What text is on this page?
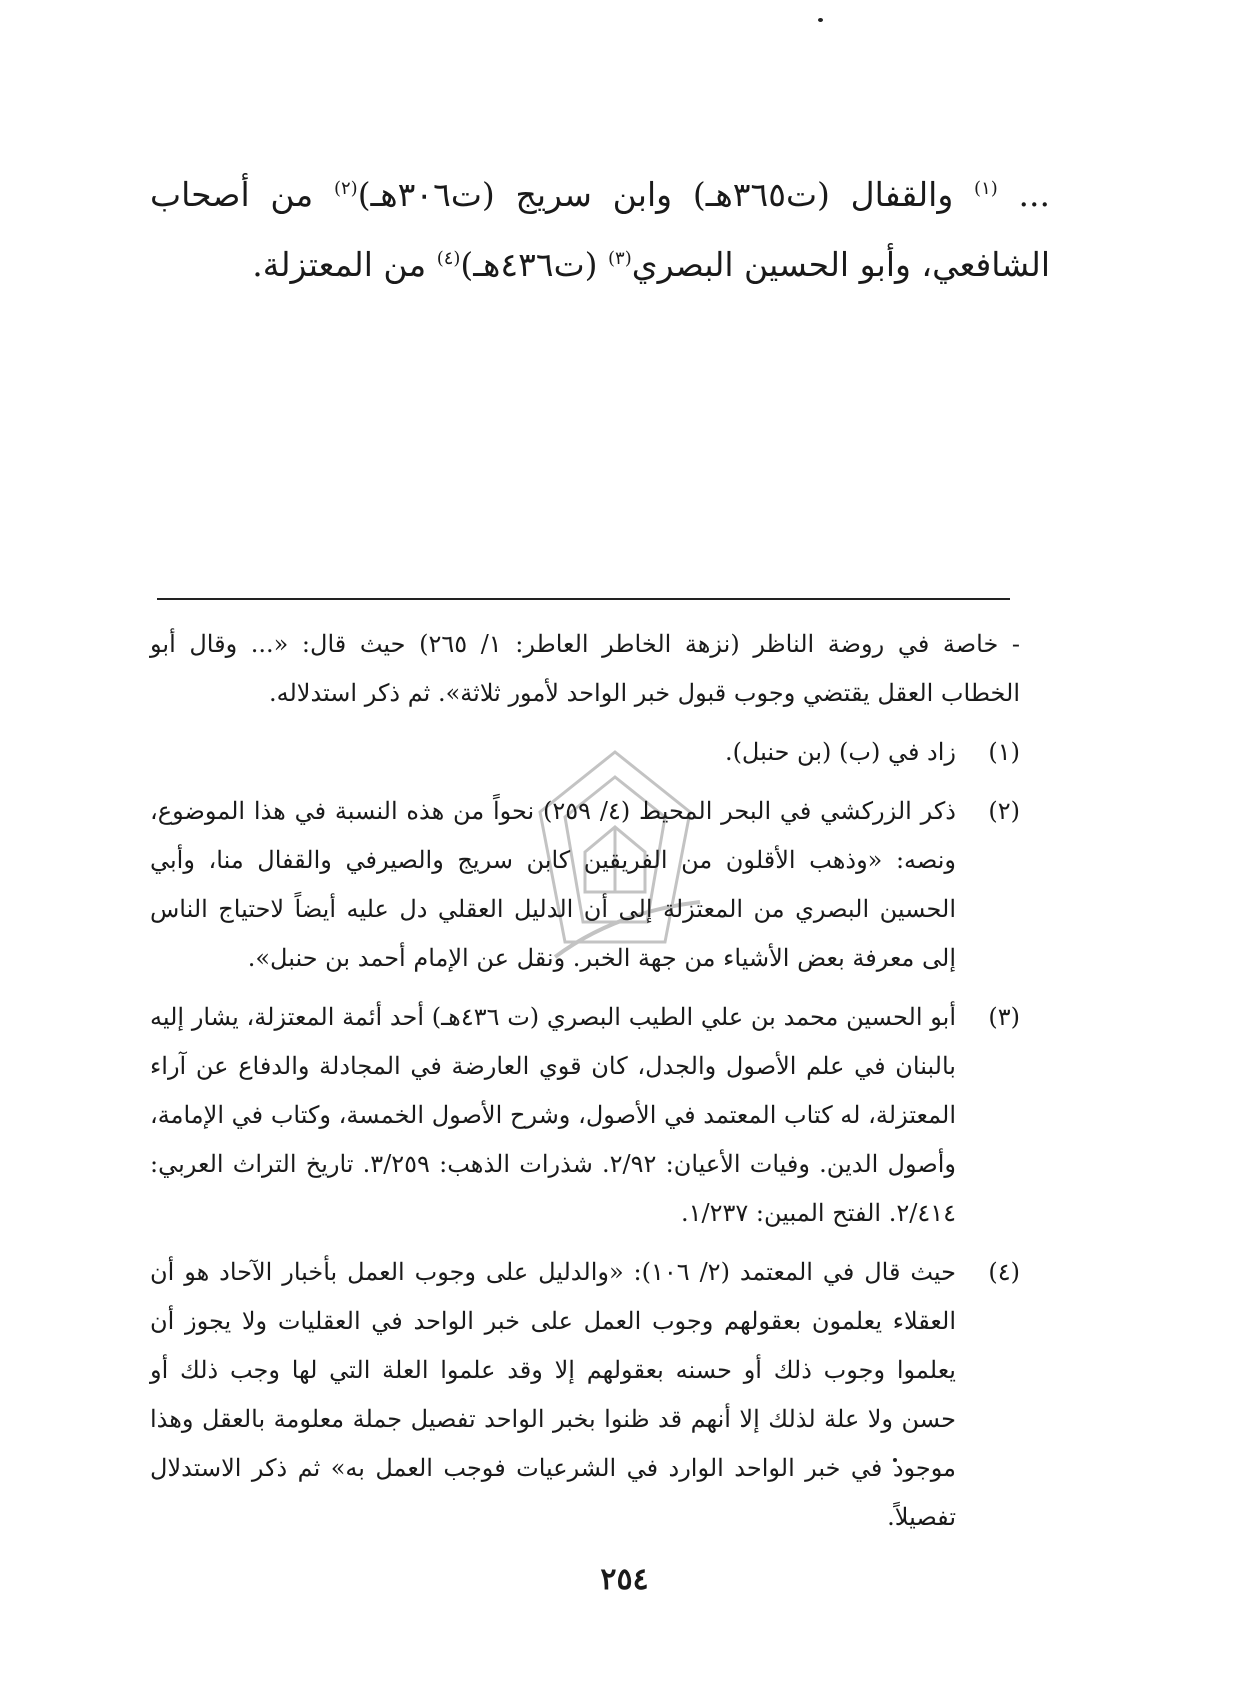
... $^{(١)}$ والقفال (ت٣٦٥هـ) وابن سريج (ت٣٠٦هـ)$^{(٢)}$ من أصحاب الشافعي، وأبو الحسين البصري$^{(٣)}$ (ت٤٣٦هـ)$^{(٤)}$ من المعتزلة.

- خاصة في روضة الناظر (نزهة الخاطر العاطر: ١/ ٢٦٥) حيث قال: «... وقال أبو الخطاب العقل يقتضي وجوب قبول خبر الواحد لأمور ثلاثة». ثم ذكر استدلاله.

(١)
زاد في (ب) (بن حنبل).
(٢)
ذكر الزركشي في البحر المحيط (٤/ ٢٥٩) نحواً من هذه النسبة في هذا الموضوع، ونصه: «وذهب الأقلون من الفريقين كابن سريج والصيرفي والقفال منا، وأبي الحسين البصري من المعتزلة إلى أن الدليل العقلي دل عليه أيضاً لاحتياج الناس إلى معرفة بعض الأشياء من جهة الخبر. ونقل عن الإمام أحمد بن حنبل».
(٣)
أبو الحسين محمد بن علي الطيب البصري (ت ٤٣٦هـ) أحد أئمة المعتزلة، يشار إليه بالبنان في علم الأصول والجدل، كان قوي العارضة في المجادلة والدفاع عن آراء المعتزلة، له كتاب المعتمد في الأصول، وشرح الأصول الخمسة، وكتاب في الإمامة، وأصول الدين. وفيات الأعيان: ٢/٩٢. شذرات الذهب: ٣/٢٥٩. تاريخ التراث العربي: ٢/٤١٤. الفتح المبين: ١/٢٣٧.
(٤)
حيث قال في المعتمد (٢/ ١٠٦): «والدليل على وجوب العمل بأخبار الآحاد هو أن العقلاء يعلمون بعقولهم وجوب العمل على خبر الواحد في العقليات ولا يجوز أن يعلموا وجوب ذلك أو حسنه بعقولهم إلا وقد علموا العلة التي لها وجب ذلك أو حسن ولا علة لذلك إلا أنهم قد ظنوا بخبر الواحد تفصيل جملة معلومة بالعقل وهذا موجود في خبر الواحد الوارد في الشرعيات فوجب العمل به» ثم ذكر الاستدلال تفصيلاً.
٢٥٤
